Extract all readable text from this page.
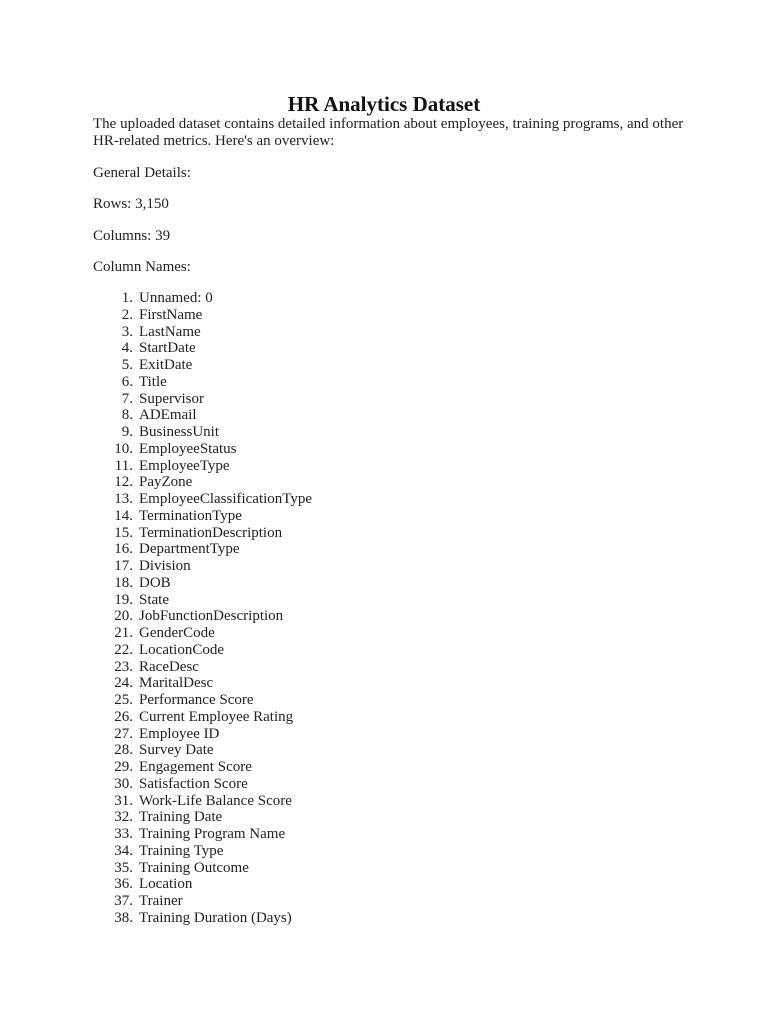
HR Analytics Dataset

The uploaded dataset contains detailed information about employees, training programs, and other HR-related metrics. Here's an overview:

General Details:

Rows: 3,150

Columns: 39

Column Names:

1. Unnamed: 0
2. FirstName
3. LastName
4. StartDate
5. ExitDate
6. Title
7. Supervisor
8. ADEmail
9. BusinessUnit
10. EmployeeStatus
11. EmployeeType
12. PayZone
13. EmployeeClassificationType
14. TerminationType
15. TerminationDescription
16. DepartmentType
17. Division
18. DOB
19. State
20. JobFunctionDescription
21. GenderCode
22. LocationCode
23. RaceDesc
24. MaritalDesc
25. Performance Score
26. Current Employee Rating
27. Employee ID
28. Survey Date
29. Engagement Score
30. Satisfaction Score
31. Work-Life Balance Score
32. Training Date
33. Training Program Name
34. Training Type
35. Training Outcome
36. Location
37. Trainer
38. Training Duration (Days)
